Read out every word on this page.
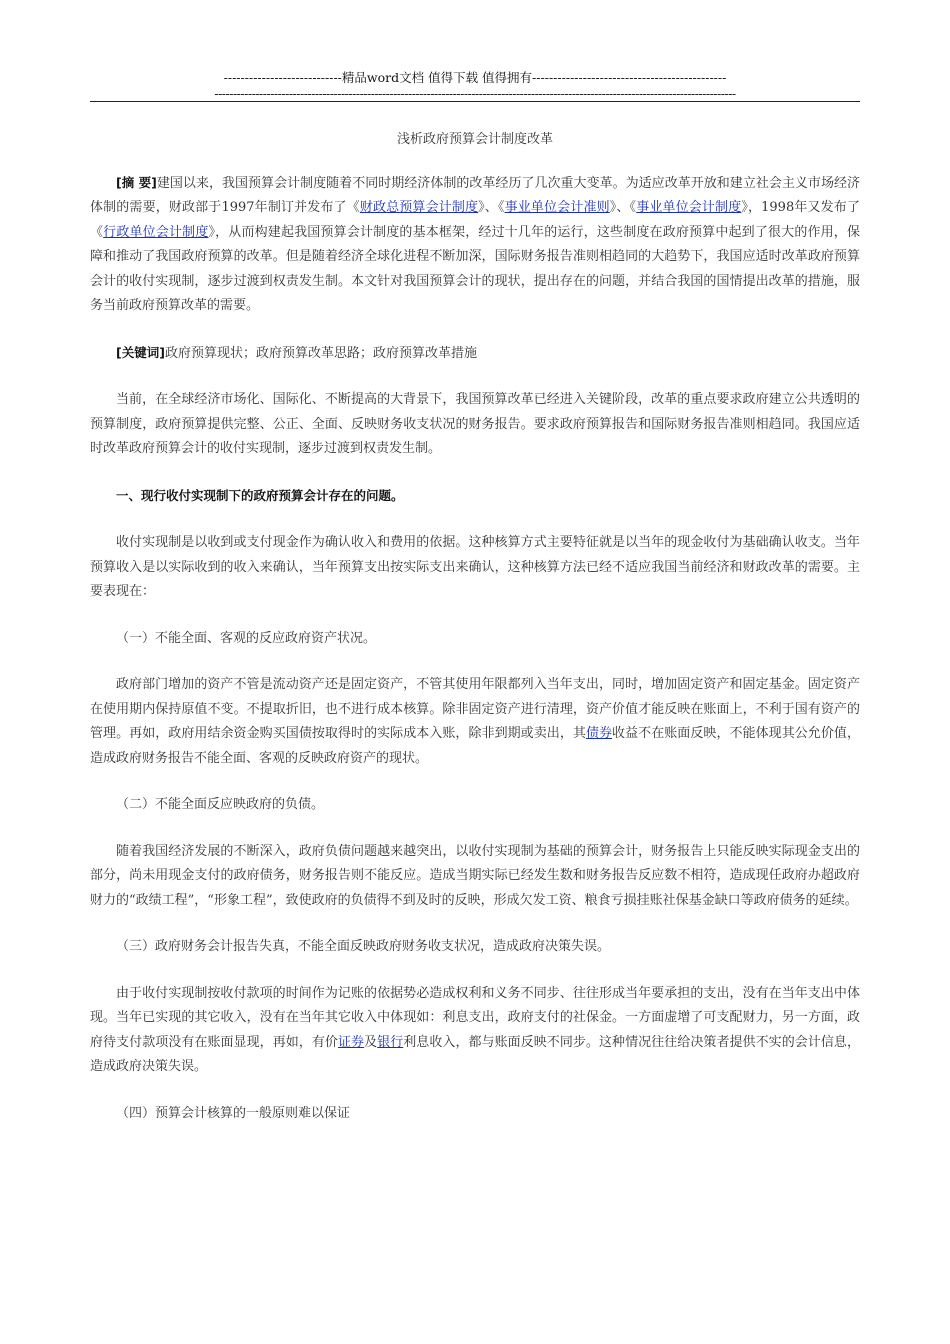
----------------------------精品word文档 值得下载 值得拥有----------------------------------------------
--------------------------------------------------------------------------------------------------------------------------------------------
浅析政府预算会计制度改革

[摘 要]建国以来，我国预算会计制度随着不同时期经济体制的改革经历了几次重大变革。为适应改革开放和建立社会主义市场经济体制的需要，财政部于1997年制订并发布了《财政总预算会计制度》、《事业单位会计准则》、《事业单位会计制度》，1998年又发布了《行政单位会计制度》，从而构建起我国预算会计制度的基本框架，经过十几年的运行，这些制度在政府预算中起到了很大的作用，保障和推动了我国政府预算的改革。但是随着经济全球化进程不断加深，国际财务报告准则相趋同的大趋势下，我国应适时改革政府预算会计的收付实现制，逐步过渡到权责发生制。本文针对我国预算会计的现状，提出存在的问题，并结合我国的国情提出改革的措施，服务当前政府预算改革的需要。

[关键词]政府预算现状；政府预算改革思路；政府预算改革措施

当前，在全球经济市场化、国际化、不断提高的大背景下，我国预算改革已经进入关键阶段，改革的重点要求政府建立公共透明的预算制度，政府预算提供完整、公正、全面、反映财务收支状况的财务报告。要求政府预算报告和国际财务报告准则相趋同。我国应适时改革政府预算会计的收付实现制，逐步过渡到权责发生制。

一、现行收付实现制下的政府预算会计存在的问题。

收付实现制是以收到或支付现金作为确认收入和费用的依据。这种核算方式主要特征就是以当年的现金收付为基础确认收支。当年预算收入是以实际收到的收入来确认，当年预算支出按实际支出来确认，这种核算方法已经不适应我国当前经济和财政改革的需要。主要表现在：

（一）不能全面、客观的反应政府资产状况。

政府部门增加的资产不管是流动资产还是固定资产，不管其使用年限都列入当年支出，同时，增加固定资产和固定基金。固定资产在使用期内保持原值不变。不提取折旧，也不进行成本核算。除非固定资产进行清理，资产价值才能反映在账面上，不利于国有资产的管理。再如，政府用结余资金购买国债按取得时的实际成本入账，除非到期或卖出，其债券收益不在账面反映，不能体现其公允价值，造成政府财务报告不能全面、客观的反映政府资产的现状。

（二）不能全面反应映政府的负债。

随着我国经济发展的不断深入，政府负债问题越来越突出，以收付实现制为基础的预算会计，财务报告上只能反映实际现金支出的部分，尚未用现金支付的政府债务，财务报告则不能反应。造成当期实际已经发生数和财务报告反应数不相符，造成现任政府办超政府财力的“政绩工程”，“形象工程”，致使政府的负债得不到及时的反映，形成欠发工资、粮食亏损挂账社保基金缺口等政府债务的延续。

（三）政府财务会计报告失真，不能全面反映政府财务收支状况，造成政府决策失误。

由于收付实现制按收付款项的时间作为记账的依据势必造成权利和义务不同步、往往形成当年要承担的支出，没有在当年支出中体现。当年已实现的其它收入，没有在当年其它收入中体现如：利息支出，政府支付的社保金。一方面虚增了可支配财力，另一方面，政府待支付款项没有在账面显现，再如，有价证券及银行利息收入，都与账面反映不同步。这种情况往往给决策者提供不实的会计信息，造成政府决策失误。

（四）预算会计核算的一般原则难以保证
